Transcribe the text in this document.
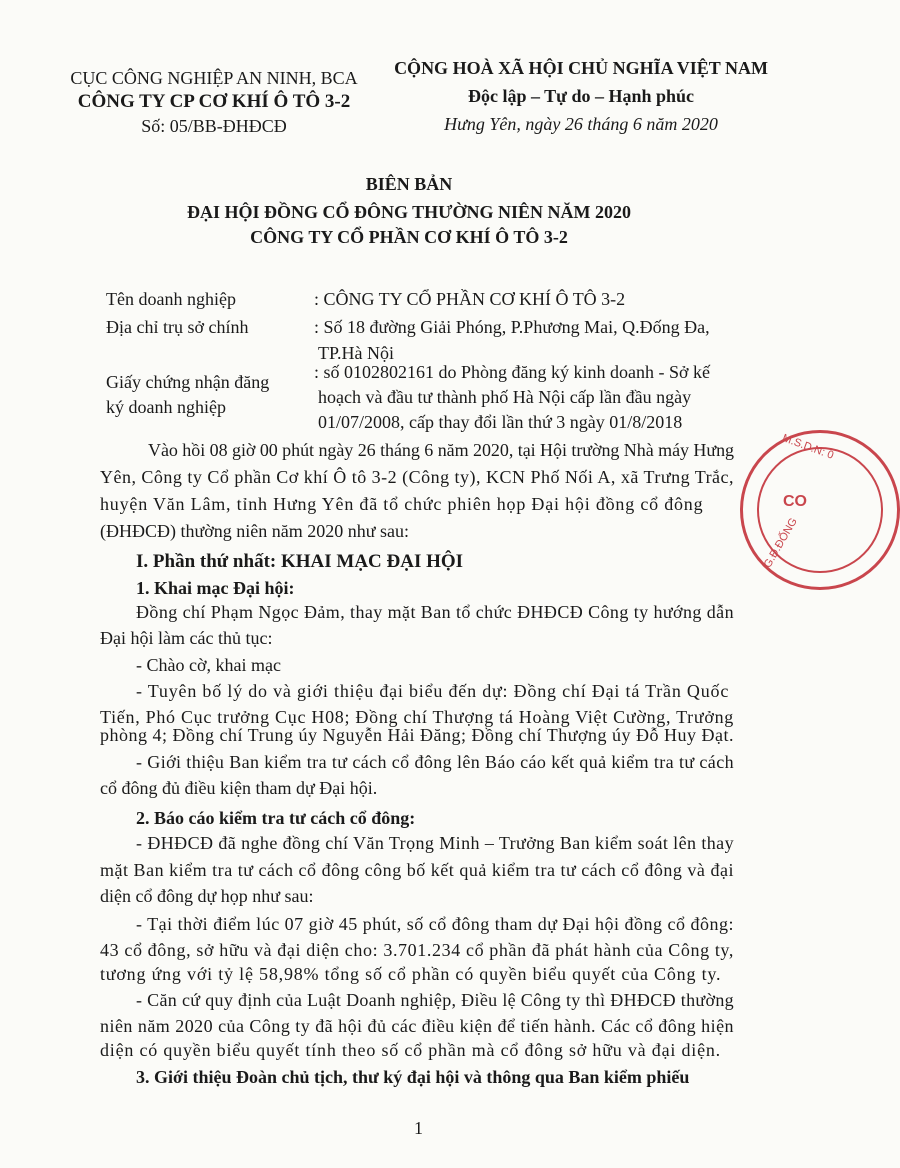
CỤC CÔNG NGHIỆP AN NINH, BCA
CÔNG TY CP CƠ KHÍ Ô TÔ 3-2
Số: 05/BB-ĐHĐCĐ
CỘNG HOÀ XÃ HỘI CHỦ NGHĨA VIỆT NAM
Độc lập – Tự do – Hạnh phúc
Hưng Yên, ngày 26 tháng 6 năm 2020
BIÊN BẢN
ĐẠI HỘI ĐỒNG CỔ ĐÔNG THƯỜNG NIÊN NĂM 2020
CÔNG TY CỔ PHẦN CƠ KHÍ Ô TÔ 3-2
Tên doanh nghiệp	: CÔNG TY CỔ PHẦN CƠ KHÍ Ô TÔ 3-2
Địa chỉ trụ sở chính	: Số 18 đường Giải Phóng, P.Phương Mai, Q.Đống Đa,
TP.Hà Nội
Giấy chứng nhận đăng
ký doanh nghiệp
: số 0102802161 do Phòng đăng ký kinh doanh - Sở kế
hoạch và đầu tư thành phố Hà Nội cấp lần đầu ngày
01/07/2008, cấp thay đổi lần thứ 3 ngày 01/8/2018
Vào hồi 08 giờ 00 phút ngày 26 tháng 6 năm 2020, tại Hội trường Nhà máy Hưng
Yên, Công ty Cổ phần Cơ khí Ô tô 3-2 (Công ty), KCN Phố Nối A, xã Trưng Trắc,
huyện Văn Lâm, tỉnh Hưng Yên đã tổ chức phiên họp Đại hội đồng cổ đông
(ĐHĐCĐ) thường niên năm 2020 như sau:
I. Phần thứ nhất: KHAI MẠC ĐẠI HỘI
1. Khai mạc Đại hội:
Đồng chí Phạm Ngọc Đảm, thay mặt Ban tổ chức ĐHĐCĐ Công ty hướng dẫn
Đại hội làm các thủ tục:
- Chào cờ, khai mạc
- Tuyên bố lý do và giới thiệu đại biểu đến dự: Đồng chí Đại tá Trần Quốc
Tiến, Phó Cục trưởng Cục H08; Đồng chí Thượng tá Hoàng Việt Cường, Trưởng
phòng 4; Đồng chí Trung úy Nguyễn Hải Đăng; Đồng chí Thượng úy Đỗ Huy Đạt.
- Giới thiệu Ban kiểm tra tư cách cổ đông lên Báo cáo kết quả kiểm tra tư cách
cổ đông đủ điều kiện tham dự Đại hội.
2. Báo cáo kiểm tra tư cách cổ đông:
- ĐHĐCĐ đã nghe đồng chí Văn Trọng Minh – Trưởng Ban kiểm soát lên thay
mặt Ban kiểm tra tư cách cổ đông công bố kết quả kiểm tra tư cách cổ đông và đại
diện cổ đông dự họp như sau:
- Tại thời điểm lúc 07 giờ 45 phút, số cổ đông tham dự Đại hội đồng cổ đông:
43 cổ đông, sở hữu và đại diện cho: 3.701.234 cổ phần đã phát hành của Công ty,
tương ứng với tỷ lệ 58,98% tổng số cổ phần có quyền biểu quyết của Công ty.
- Căn cứ quy định của Luật Doanh nghiệp, Điều lệ Công ty thì ĐHĐCĐ thường
niên năm 2020 của Công ty đã hội đủ các điều kiện để tiến hành. Các cổ đông hiện
diện có quyền biểu quyết tính theo số cổ phần mà cổ đông sở hữu và đại diện.
3. Giới thiệu Đoàn chủ tịch, thư ký đại hội và thông qua Ban kiểm phiếu
1
M.S.D.N: 0
G.Đ.ĐỐNG
CO
